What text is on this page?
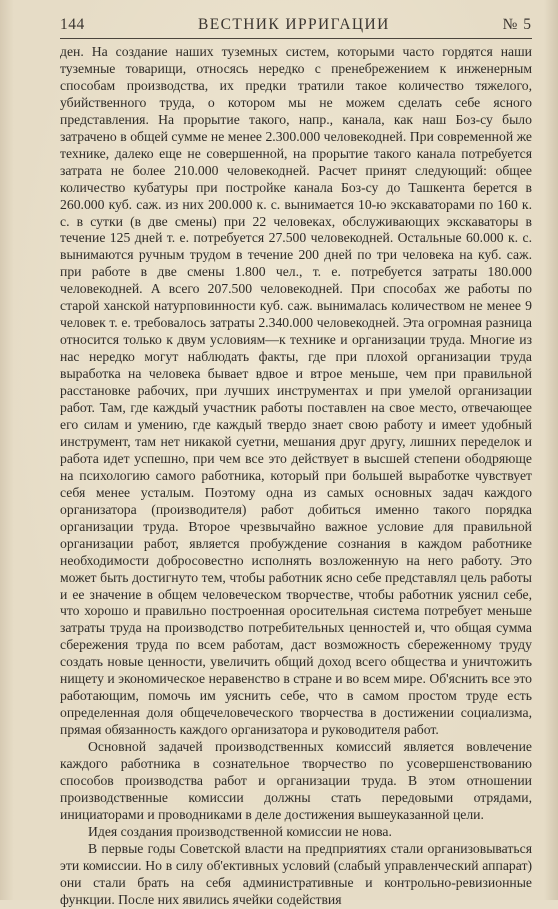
144	ВЕСТНИК ИРРИГАЦИИ	№ 5

ден. На создание наших туземных систем, которыми часто гордятся наши туземные товарищи, относясь нередко с пренебрежением к инженерным способам производства, их предки тратили такое количество тяжелого, убийственного труда, о котором мы не можем сделать себе ясного представления. На прорытие такого, напр., канала, как наш Боз-су было затрачено в общей сумме не менее 2.300.000 человекодней. При современной же технике, далеко еще не совершенной, на прорытие такого канала потребуется затрата не более 210.000 человекодней. Расчет принят следующий: общее количество кубатуры при постройке канала Боз-су до Ташкента берется в 260.000 куб. саж. из них 200.000 к. с. вынимается 10-ю экскаваторами по 160 к. с. в сутки (в две смены) при 22 человеках, обслуживающих экскаваторы в течение 125 дней т. е. потребуется 27.500 человекодней. Остальные 60.000 к. с. вынимаются ручным трудом в течение 200 дней по три человека на куб. саж. при работе в две смены 1.800 чел., т. е. потребуется затраты 180.000 человекодней. А всего 207.500 человекодней. При способах же работы по старой ханской натурповинности куб. саж. вынималась количеством не менее 9 человек т. е. требовалось затраты 2.340.000 человекодней. Эта огромная разница относится только к двум условиям—к технике и организации труда. Многие из нас нередко могут наблюдать факты, где при плохой организации труда выработка на человека бывает вдвое и втрое меньше, чем при правильной расстановке рабочих, при лучших инструментах и при умелой организации работ. Там, где каждый участник работы поставлен на свое место, отвечающее его силам и умению, где каждый твердо знает свою работу и имеет удобный инструмент, там нет никакой суетни, мешания друг другу, лишних переделок и работа идет успешно, при чем все это действует в высшей степени ободряюще на психологию самого работника, который при большей выработке чувствует себя менее усталым. Поэтому одна из самых основных задач каждого организатора (производителя) работ добиться именно такого порядка организации труда. Второе чрезвычайно важное условие для правильной организации работ, является пробуждение сознания в каждом работнике необходимости добросовестно исполнять возложенную на него работу. Это может быть достигнуто тем, чтобы работник ясно себе представлял цель работы и ее значение в общем человеческом творчестве, чтобы работник уяснил себе, что хорошо и правильно построенная оросительная система потребует меньше затраты труда на производство потребительных ценностей и, что общая сумма сбережения труда по всем работам, даст возможность сбереженному труду создать новые ценности, увеличить общий доход всего общества и уничтожить нищету и экономическое неравенство в стране и во всем мире. Об'яснить все это работающим, помочь им уяснить себе, что в самом простом труде есть определенная доля общечеловеческого творчества в достижении социализма, прямая обязанность каждого организатора и руководителя работ.

Основной задачей производственных комиссий является вовлечение каждого работника в сознательное творчество по усовершенствованию способов производства работ и организации труда. В этом отношении производственные комиссии должны стать передовыми отрядами, инициаторами и проводниками в деле достижения вышеуказанной цели.

Идея создания производственной комиссии не нова.

В первые годы Советской власти на предприятиях стали организовываться эти комиссии. Но в силу об'ективных условий (слабый управленческий аппарат) они стали брать на себя административные и контрольно-ревизионные функции. После них явились ячейки содействия
